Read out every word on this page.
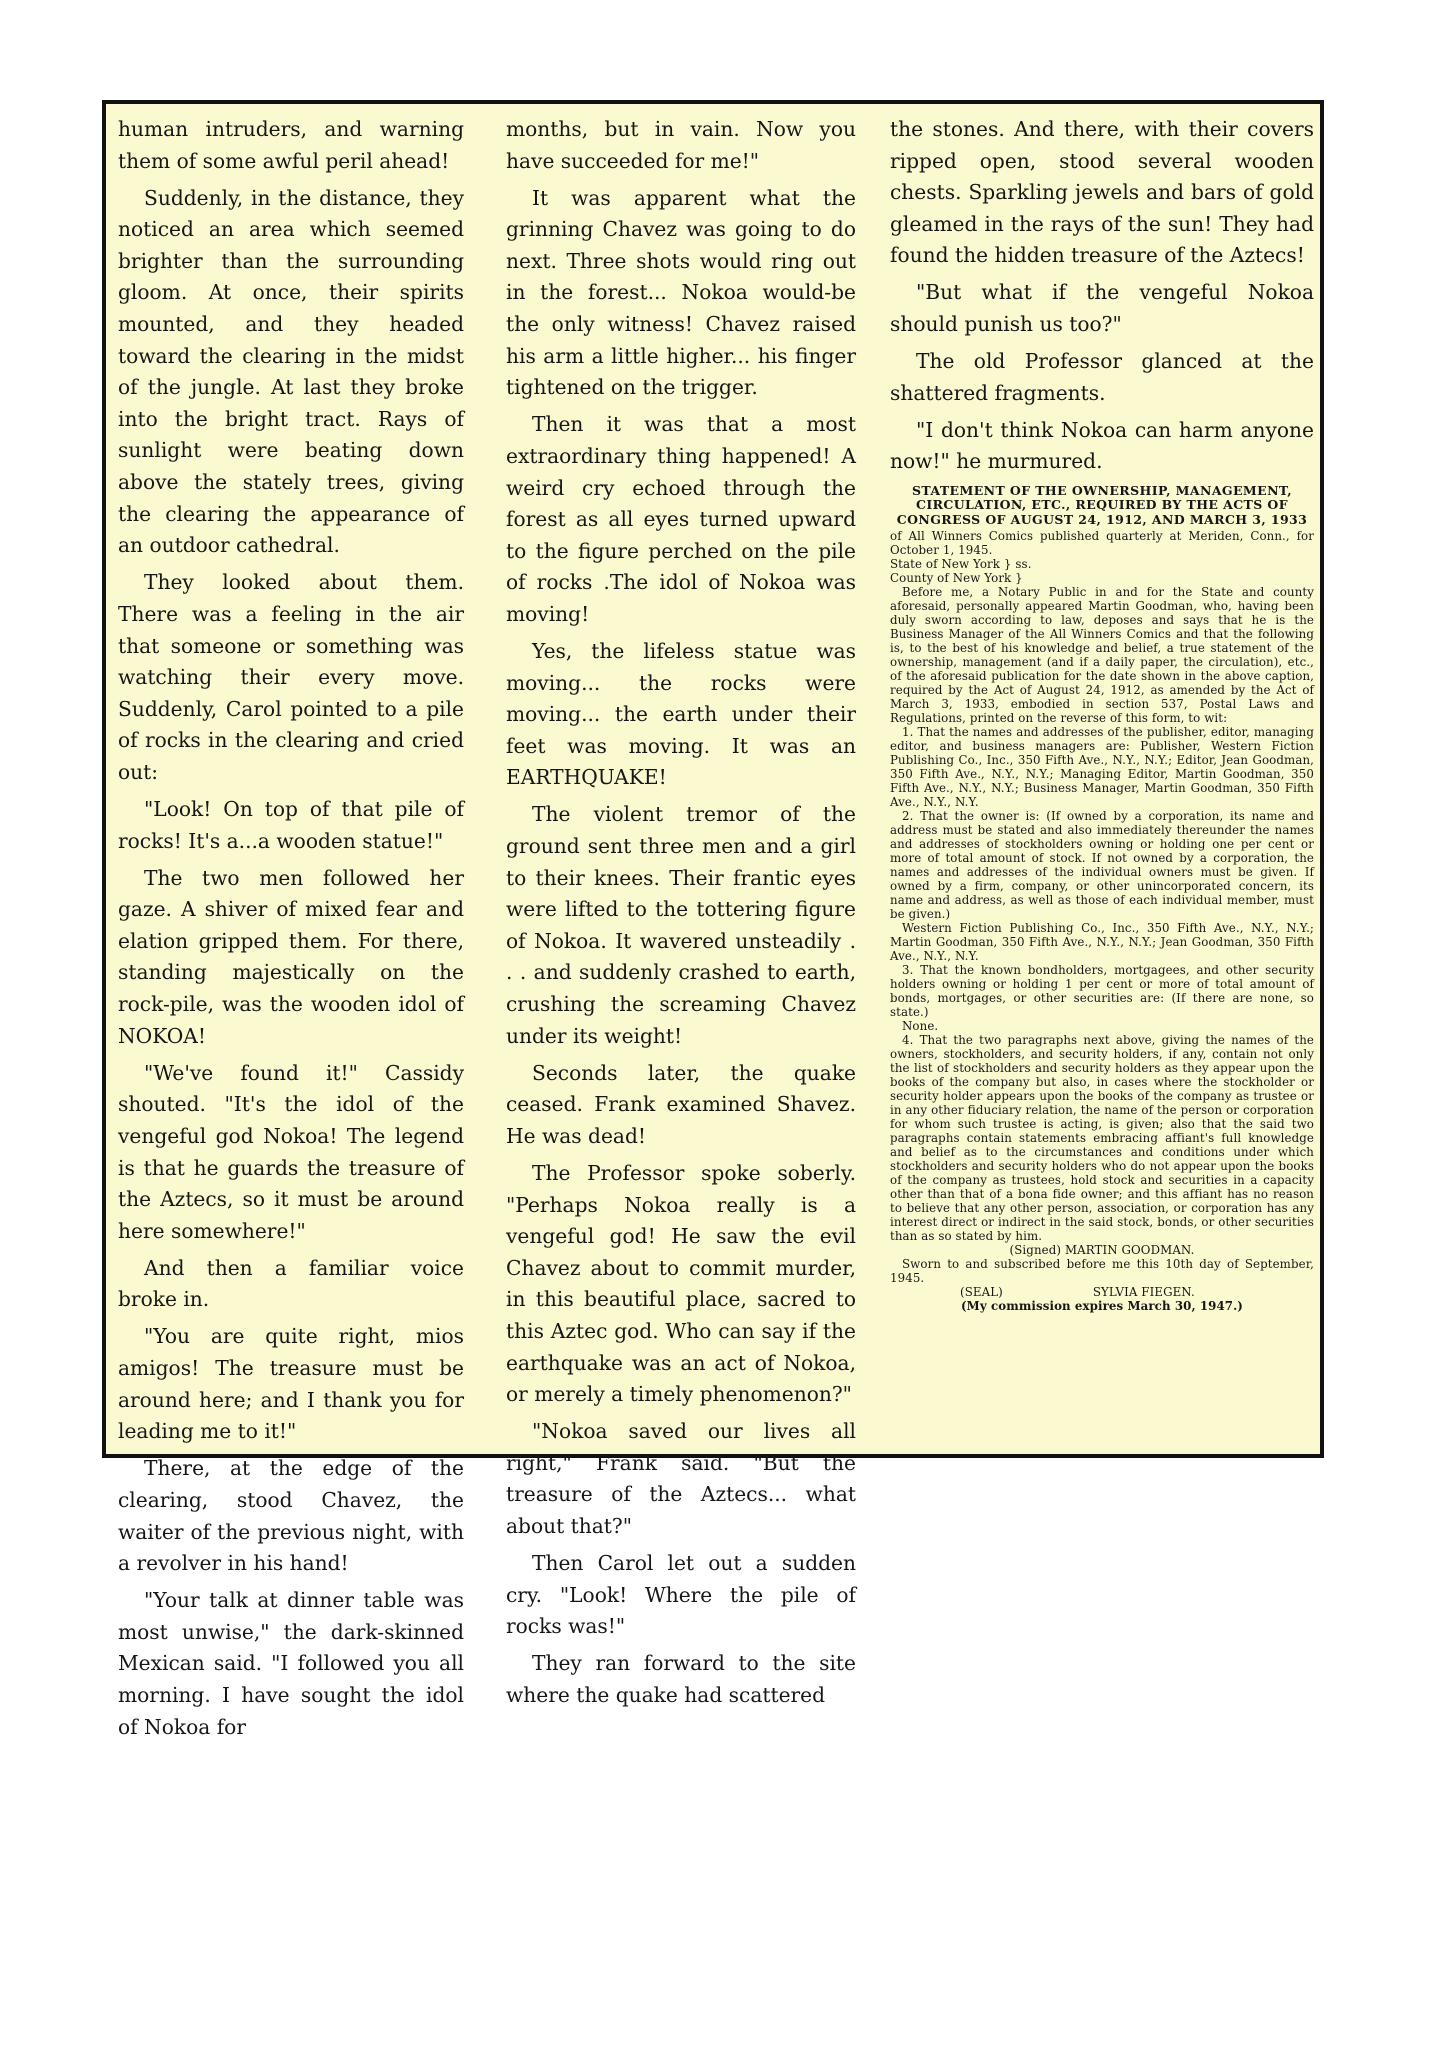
human intruders, and warning them of some awful peril ahead!

Suddenly, in the distance, they noticed an area which seemed brighter than the surrounding gloom. At once, their spirits mounted, and they headed toward the clearing in the midst of the jungle. At last they broke into the bright tract. Rays of sunlight were beating down above the stately trees, giving the clearing the appearance of an outdoor cathedral.

They looked about them. There was a feeling in the air that someone or something was watching their every move. Suddenly, Carol pointed to a pile of rocks in the clearing and cried out:

"Look! On top of that pile of rocks! It's a...a wooden statue!"

The two men followed her gaze. A shiver of mixed fear and elation gripped them. For there, standing majestically on the rock-pile, was the wooden idol of NOKOA!

"We've found it!" Cassidy shouted. "It's the idol of the vengeful god Nokoa! The legend is that he guards the treasure of the Aztecs, so it must be around here somewhere!"

And then a familiar voice broke in.

"You are quite right, mios amigos! The treasure must be around here; and I thank you for leading me to it!"

There, at the edge of the clearing, stood Chavez, the waiter of the previous night, with a revolver in his hand!

"Your talk at dinner table was most unwise," the dark-skinned Mexican said. "I followed you all morning. I have sought the idol of Nokoa for

months, but in vain. Now you have succeeded for me!"

It was apparent what the grinning Chavez was going to do next. Three shots would ring out in the forest... Nokoa would-be the only witness! Chavez raised his arm a little higher... his finger tightened on the trigger.

Then it was that a most extraordinary thing happened! A weird cry echoed through the forest as all eyes turned upward to the figure perched on the pile of rocks .The idol of Nokoa was moving!

Yes, the lifeless statue was moving... the rocks were moving... the earth under their feet was moving. It was an EARTHQUAKE!

The violent tremor of the ground sent three men and a girl to their knees. Their frantic eyes were lifted to the tottering figure of Nokoa. It wavered unsteadily . . . and suddenly crashed to earth, crushing the screaming Chavez under its weight!

Seconds later, the quake ceased. Frank examined Shavez. He was dead!

The Professor spoke soberly. "Perhaps Nokoa really is a vengeful god! He saw the evil Chavez about to commit murder, in this beautiful place, sacred to this Aztec god. Who can say if the earthquake was an act of Nokoa, or merely a timely phenomenon?"

"Nokoa saved our lives all right," Frank said. "But the treasure of the Aztecs... what about that?"

Then Carol let out a sudden cry. "Look! Where the pile of rocks was!"

They ran forward to the site where the quake had scattered

the stones. And there, with their covers ripped open, stood several wooden chests. Sparkling jewels and bars of gold gleamed in the rays of the sun! They had found the hidden treasure of the Aztecs!

"But what if the vengeful Nokoa should punish us too?"

The old Professor glanced at the shattered fragments.

"I don't think Nokoa can harm anyone now!" he murmured.

STATEMENT OF THE OWNERSHIP, MANAGEMENT, CIRCULATION, ETC., REQUIRED BY THE ACTS OF CONGRESS OF AUGUST 24, 1912, AND MARCH 3, 1933

of All Winners Comics published quarterly at Meriden, Conn., for October 1, 1945.

State of New York } ss.
County of New York }

Before me, a Notary Public in and for the State and county aforesaid, personally appeared Martin Goodman, who, having been duly sworn according to law, deposes and says that he is the Business Manager of the All Winners Comics and that the following is, to the best of his knowledge and belief, a true statement of the ownership, management (and if a daily paper, the circulation), etc., of the aforesaid publication for the date shown in the above caption, required by the Act of August 24, 1912, as amended by the Act of March 3, 1933, embodied in section 537, Postal Laws and Regulations, printed on the reverse of this form, to wit:

1. That the names and addresses of the publisher, editor, managing editor, and business managers are: Publisher, Western Fiction Publishing Co., Inc., 350 Fifth Ave., N.Y., N.Y.; Editor, Jean Goodman, 350 Fifth Ave., N.Y., N.Y.; Managing Editor, Martin Goodman, 350 Fifth Ave., N.Y., N.Y.; Business Manager, Martin Goodman, 350 Fifth Ave., N.Y., N.Y.

2. That the owner is: (If owned by a corporation, its name and address must be stated and also immediately thereunder the names and addresses of stockholders owning or holding one per cent or more of total amount of stock. If not owned by a corporation, the names and addresses of the individual owners must be given. If owned by a firm, company, or other unincorporated concern, its name and address, as well as those of each individual member, must be given.)

Western Fiction Publishing Co., Inc., 350 Fifth Ave., N.Y., N.Y.; Martin Goodman, 350 Fifth Ave., N.Y., N.Y.; Jean Goodman, 350 Fifth Ave., N.Y., N.Y.

3. That the known bondholders, mortgagees, and other security holders owning or holding 1 per cent or more of total amount of bonds, mortgages, or other securities are: (If there are none, so state.)

None.

4. That the two paragraphs next above, giving the names of the owners, stockholders, and security holders, if any, contain not only the list of stockholders and security holders as they appear upon the books of the company but also, in cases where the stockholder or security holder appears upon the books of the company as trustee or in any other fiduciary relation, the name of the person or corporation for whom such trustee is acting, is given; also that the said two paragraphs contain statements embracing affiant's full knowledge and belief as to the circumstances and conditions under which stockholders and security holders who do not appear upon the books of the company as trustees, hold stock and securities in a capacity other than that of a bona fide owner; and this affiant has no reason to believe that any other person, association, or corporation has any interest direct or indirect in the said stock, bonds, or other securities than as so stated by him.

(Signed) MARTIN GOODMAN.

Sworn to and subscribed before me this 10th day of September, 1945.

(SEAL)	SYLVIA FIEGEN.

(My commission expires March 30, 1947.)
